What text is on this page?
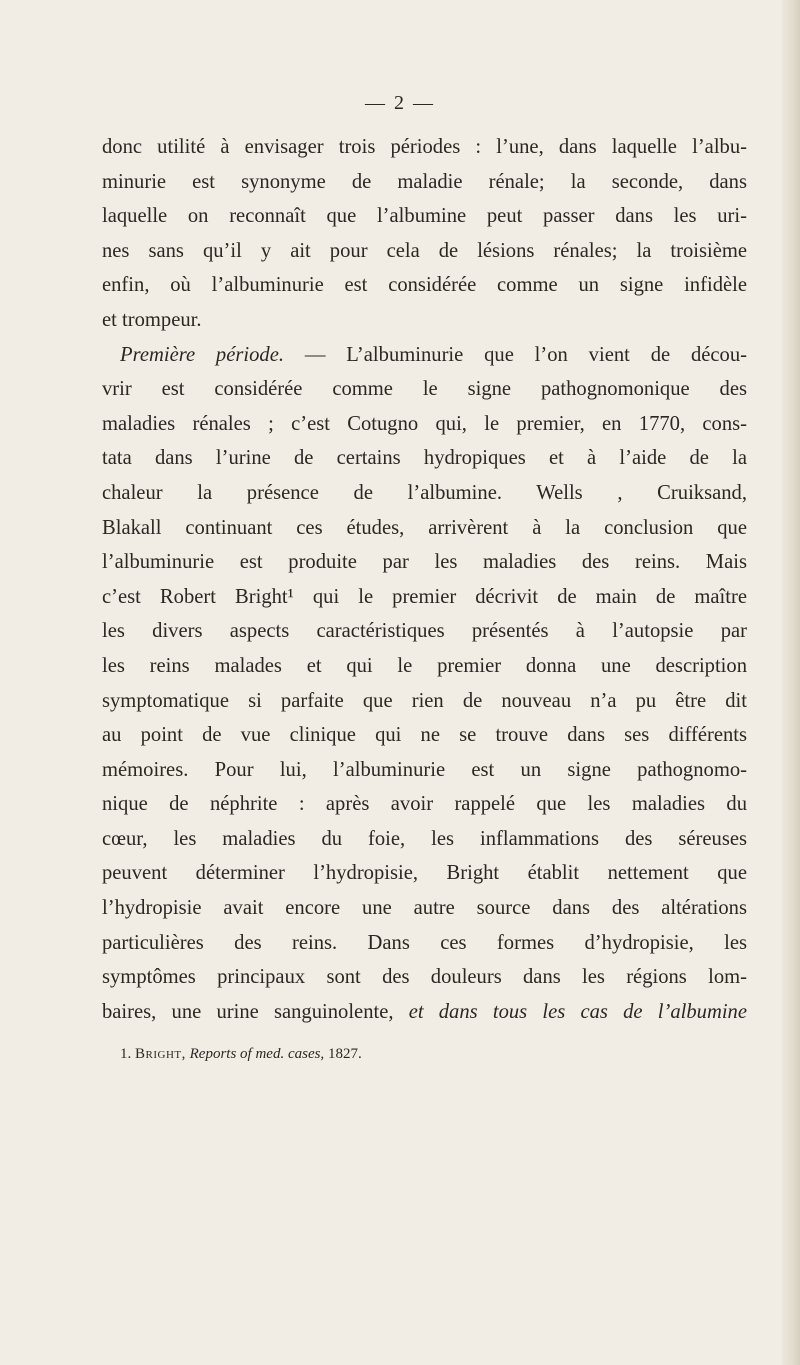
— 2 —
donc utilité à envisager trois périodes : l’une, dans laquelle l’albu-
minurie est synonyme de maladie rénale; la seconde, dans
laquelle on reconnaît que l’albumine peut passer dans les uri-
nes sans qu’il y ait pour cela de lésions rénales; la troisième
enfin, où l’albuminurie est considérée comme un signe infidèle
et trompeur.
Première période. — L’albuminurie que l’on vient de décou-
vrir est considérée comme le signe pathognomonique des
maladies rénales ; c’est Cotugno qui, le premier, en 1770, cons-
tata dans l’urine de certains hydropiques et à l’aide de la
chaleur la présence de l’albumine. Wells , Cruiksand,
Blakall continuant ces études, arrivèrent à la conclusion que
l’albuminurie est produite par les maladies des reins. Mais
c’est Robert Bright¹ qui le premier décrivit de main de maître
les divers aspects caractéristiques présentés à l’autopsie par
les reins malades et qui le premier donna une description
symptomatique si parfaite que rien de nouveau n’a pu être dit
au point de vue clinique qui ne se trouve dans ses différents
mémoires. Pour lui, l’albuminurie est un signe pathognomo-
nique de néphrite : après avoir rappelé que les maladies du
cœur, les maladies du foie, les inflammations des séreuses
peuvent déterminer l’hydropisie, Bright établit nettement que
l’hydropisie avait encore une autre source dans des altérations
particulières des reins. Dans ces formes d’hydropisie, les
symptômes principaux sont des douleurs dans les régions lom-
baires, une urine sanguinolente, et dans tous les cas de l’albumine
1. Bright, Reports of med. cases, 1827.
